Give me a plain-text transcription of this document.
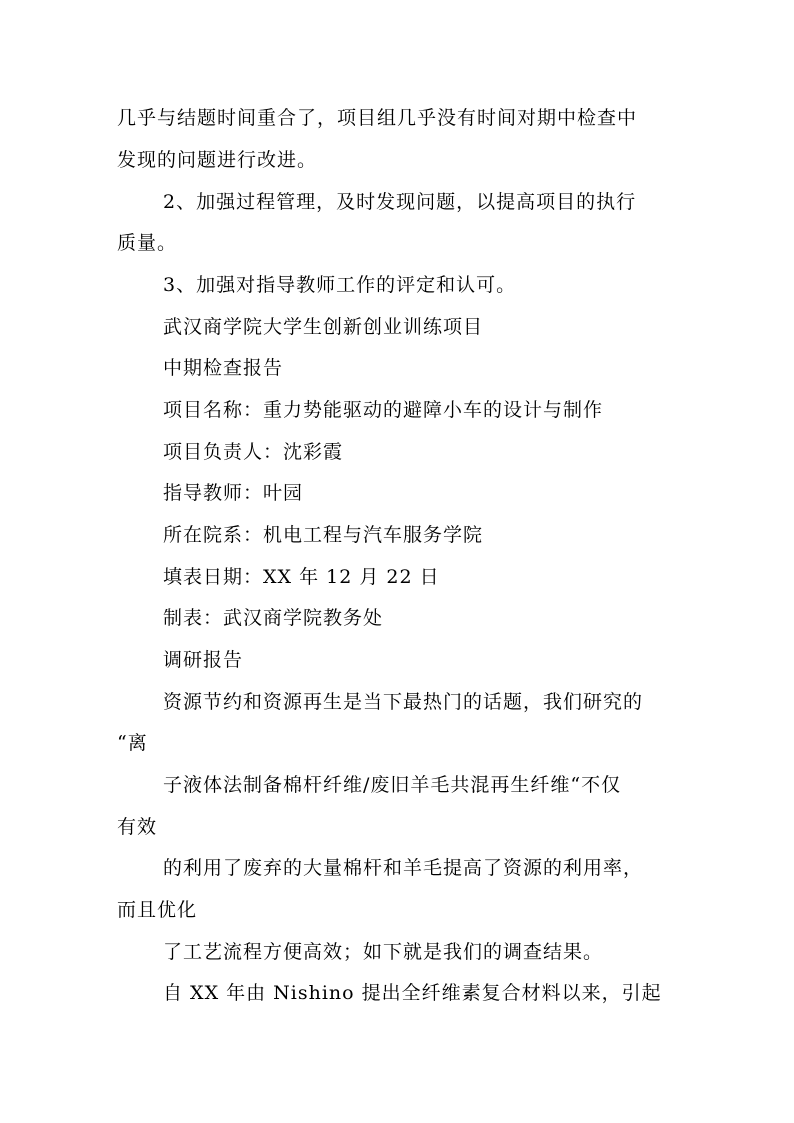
几乎与结题时间重合了，项目组几乎没有时间对期中检查中
发现的问题进行改进。
2、加强过程管理，及时发现问题，以提高项目的执行
质量。
3、加强对指导教师工作的评定和认可。
武汉商学院大学生创新创业训练项目
中期检查报告
项目名称：重力势能驱动的避障小车的设计与制作
项目负责人：沈彩霞
指导教师：叶园
所在院系：机电工程与汽车服务学院
填表日期：XX 年 12 月 22 日
制表：武汉商学院教务处
调研报告
资源节约和资源再生是当下最热门的话题，我们研究的
“离
子液体法制备棉杆纤维/废旧羊毛共混再生纤维“不仅
有效
的利用了废弃的大量棉杆和羊毛提高了资源的利用率，
而且优化
了工艺流程方便高效；如下就是我们的调查结果。
自 XX 年由 Nishino 提出全纤维素复合材料以来，引起
